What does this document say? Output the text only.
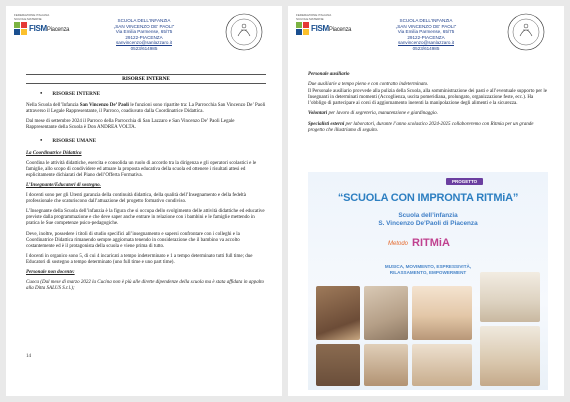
FEDERAZIONE ITALIANA
SCUOLE MATERNE
FISMPiacenza
SCUOLA DELL'INFANZIA
„SAN VINCENZO DE' PAOLI"
Via Emilia Parmense, 65/75
29122-PIACENZA
sanvincenzo@sanlazzaro.it
0523/614985
RISORSE INTERNE
● RISORSE INTERNE

Nella Scuola dell’Infanzia San Vincenzo De’ Paoli le funzioni sono ripartite tra: La Parrocchia San Vincenzo De’ Paoli attraverso il Legale Rappresentante, il Parroco, coadiuvato dalla Coordinatrice Didattica.

Dal mese di settembre 2024 il Parroco della Parrocchia di San Lazzaro e San Vincenzo De’ Paoli Legale Rappresentante della Scuola è Don ANDREA VOLTA.

● RISORSE UMANE

La Coordinatrice Didattica

Coordina le attività didattiche, esercita e consolida un ruolo di accordo tra la dirigenza e gli operatori scolastici e le famiglie, allo scopo di condividere ed attuare la proposta educativa della scuola ed ottenere i risultati attesi ed esplicitamente dichiarati del Piano dell’Offerta Formativa.

L’Insegnante/Educatori di sostegno.

I docenti sono per gli Utenti garanzia della continuità didattica, della qualità dell’Insegnamento e della fedeltà professionale che scaturiscono dall’attuazione del progetto formativo condiviso.

L’Insegnante della Scuola dell’infanzia è la figura che si occupa dello svolgimento delle attività didattiche ed educative previste dalla programmazione e che deve saper anche entrare in relazione con i bambini e le famiglie mettendo in pratica le Sue competenze psico-pedagogiche.

Deve, inoltre, possedere i titoli di studio specifici all’insegnamento e sapersi confrontare con i colleghi e la Coordinatrice Didattica rimanendo sempre aggiornata tenendo in considerazione che il bambino va accolto costantemente ed è il protagonista della scuola e viene prima di tutto.

I docenti in organico sono 5, di cui 4 incaricati a tempo indeterminato e 1 a tempo determinato tutti full time; due Educatori di sostegno a tempo determinato (uno full time e uno part time).

Personale non docente:

Cuoca (Dal mese di marzo 2022 la Cucina non è più alle dirette dipendenze della scuola ma è stata affidata in appalto alla Ditta SALUS S.r.l.);

14
FEDERAZIONE ITALIANA
SCUOLE MATERNE
FISMPiacenza
SCUOLA DELL'INFANZIA
„SAN VINCENZO DE' PAOLI"
Via Emilia Parmense, 65/75
29122-PIACENZA
sanvincenzo@sanlazzaro.it
0523/614985

Personale ausiliario

Due ausiliarie a tempo pieno e con contratto indeterminato.

Il Personale ausiliario provvede alla pulizia della Scuola, alla somministrazione dei pasti e all’eventuale supporto per le Insegnanti in determinati momenti (Accoglienza, uscita pomeridiana, prolungato, organizzazione feste, ecc.). Ha l’obbligo di partecipare ai corsi di aggiornamento inerenti la manipolazione degli alimenti e la sicurezza.

Volontari per lavoro di segreteria, manutenzione e giardinaggio.

Specialisti esterni per laboratori, durante l’anno scolastico 2024-2025 collaboreremo con Ritmia per un grande progetto che illustriamo di seguito.

PROGETTO
“SCUOLA CON IMPRONTA RITMiA”
Scuola dell’infanzia
S. Vincenzo De’Paoli di Piacenza
Metodo RITMiA
MUSICA, MOVIMENTO, ESPRESSIVITÀ,
RILASSAMENTO, EMPOWERMENT
